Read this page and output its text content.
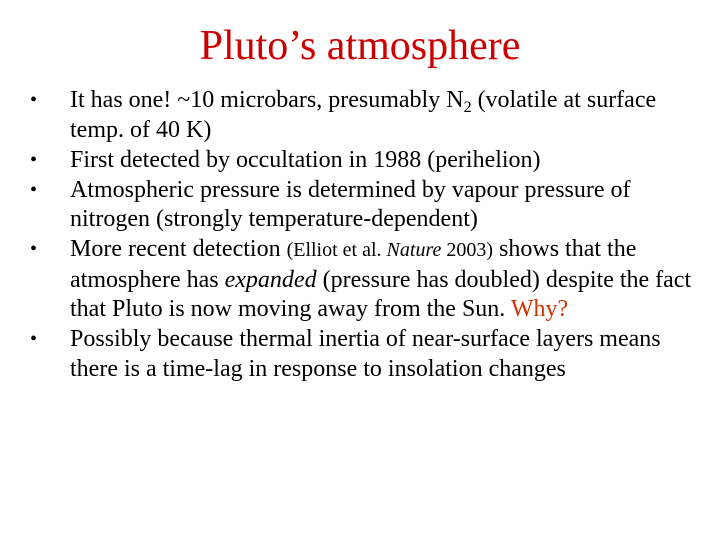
Pluto’s atmosphere
• It has one! ~10 microbars, presumably $N_2$ (volatile at surface temp. of 40 K)
• First detected by occultation in 1988 (perihelion)
• Atmospheric pressure is determined by vapour pressure of nitrogen (strongly temperature-dependent)
• More recent detection (Elliot et al. Nature 2003) shows that the atmosphere has expanded (pressure has doubled) despite the fact that Pluto is now moving away from the Sun. Why?
• Possibly because thermal inertia of near-surface layers means there is a time-lag in response to insolation changes
